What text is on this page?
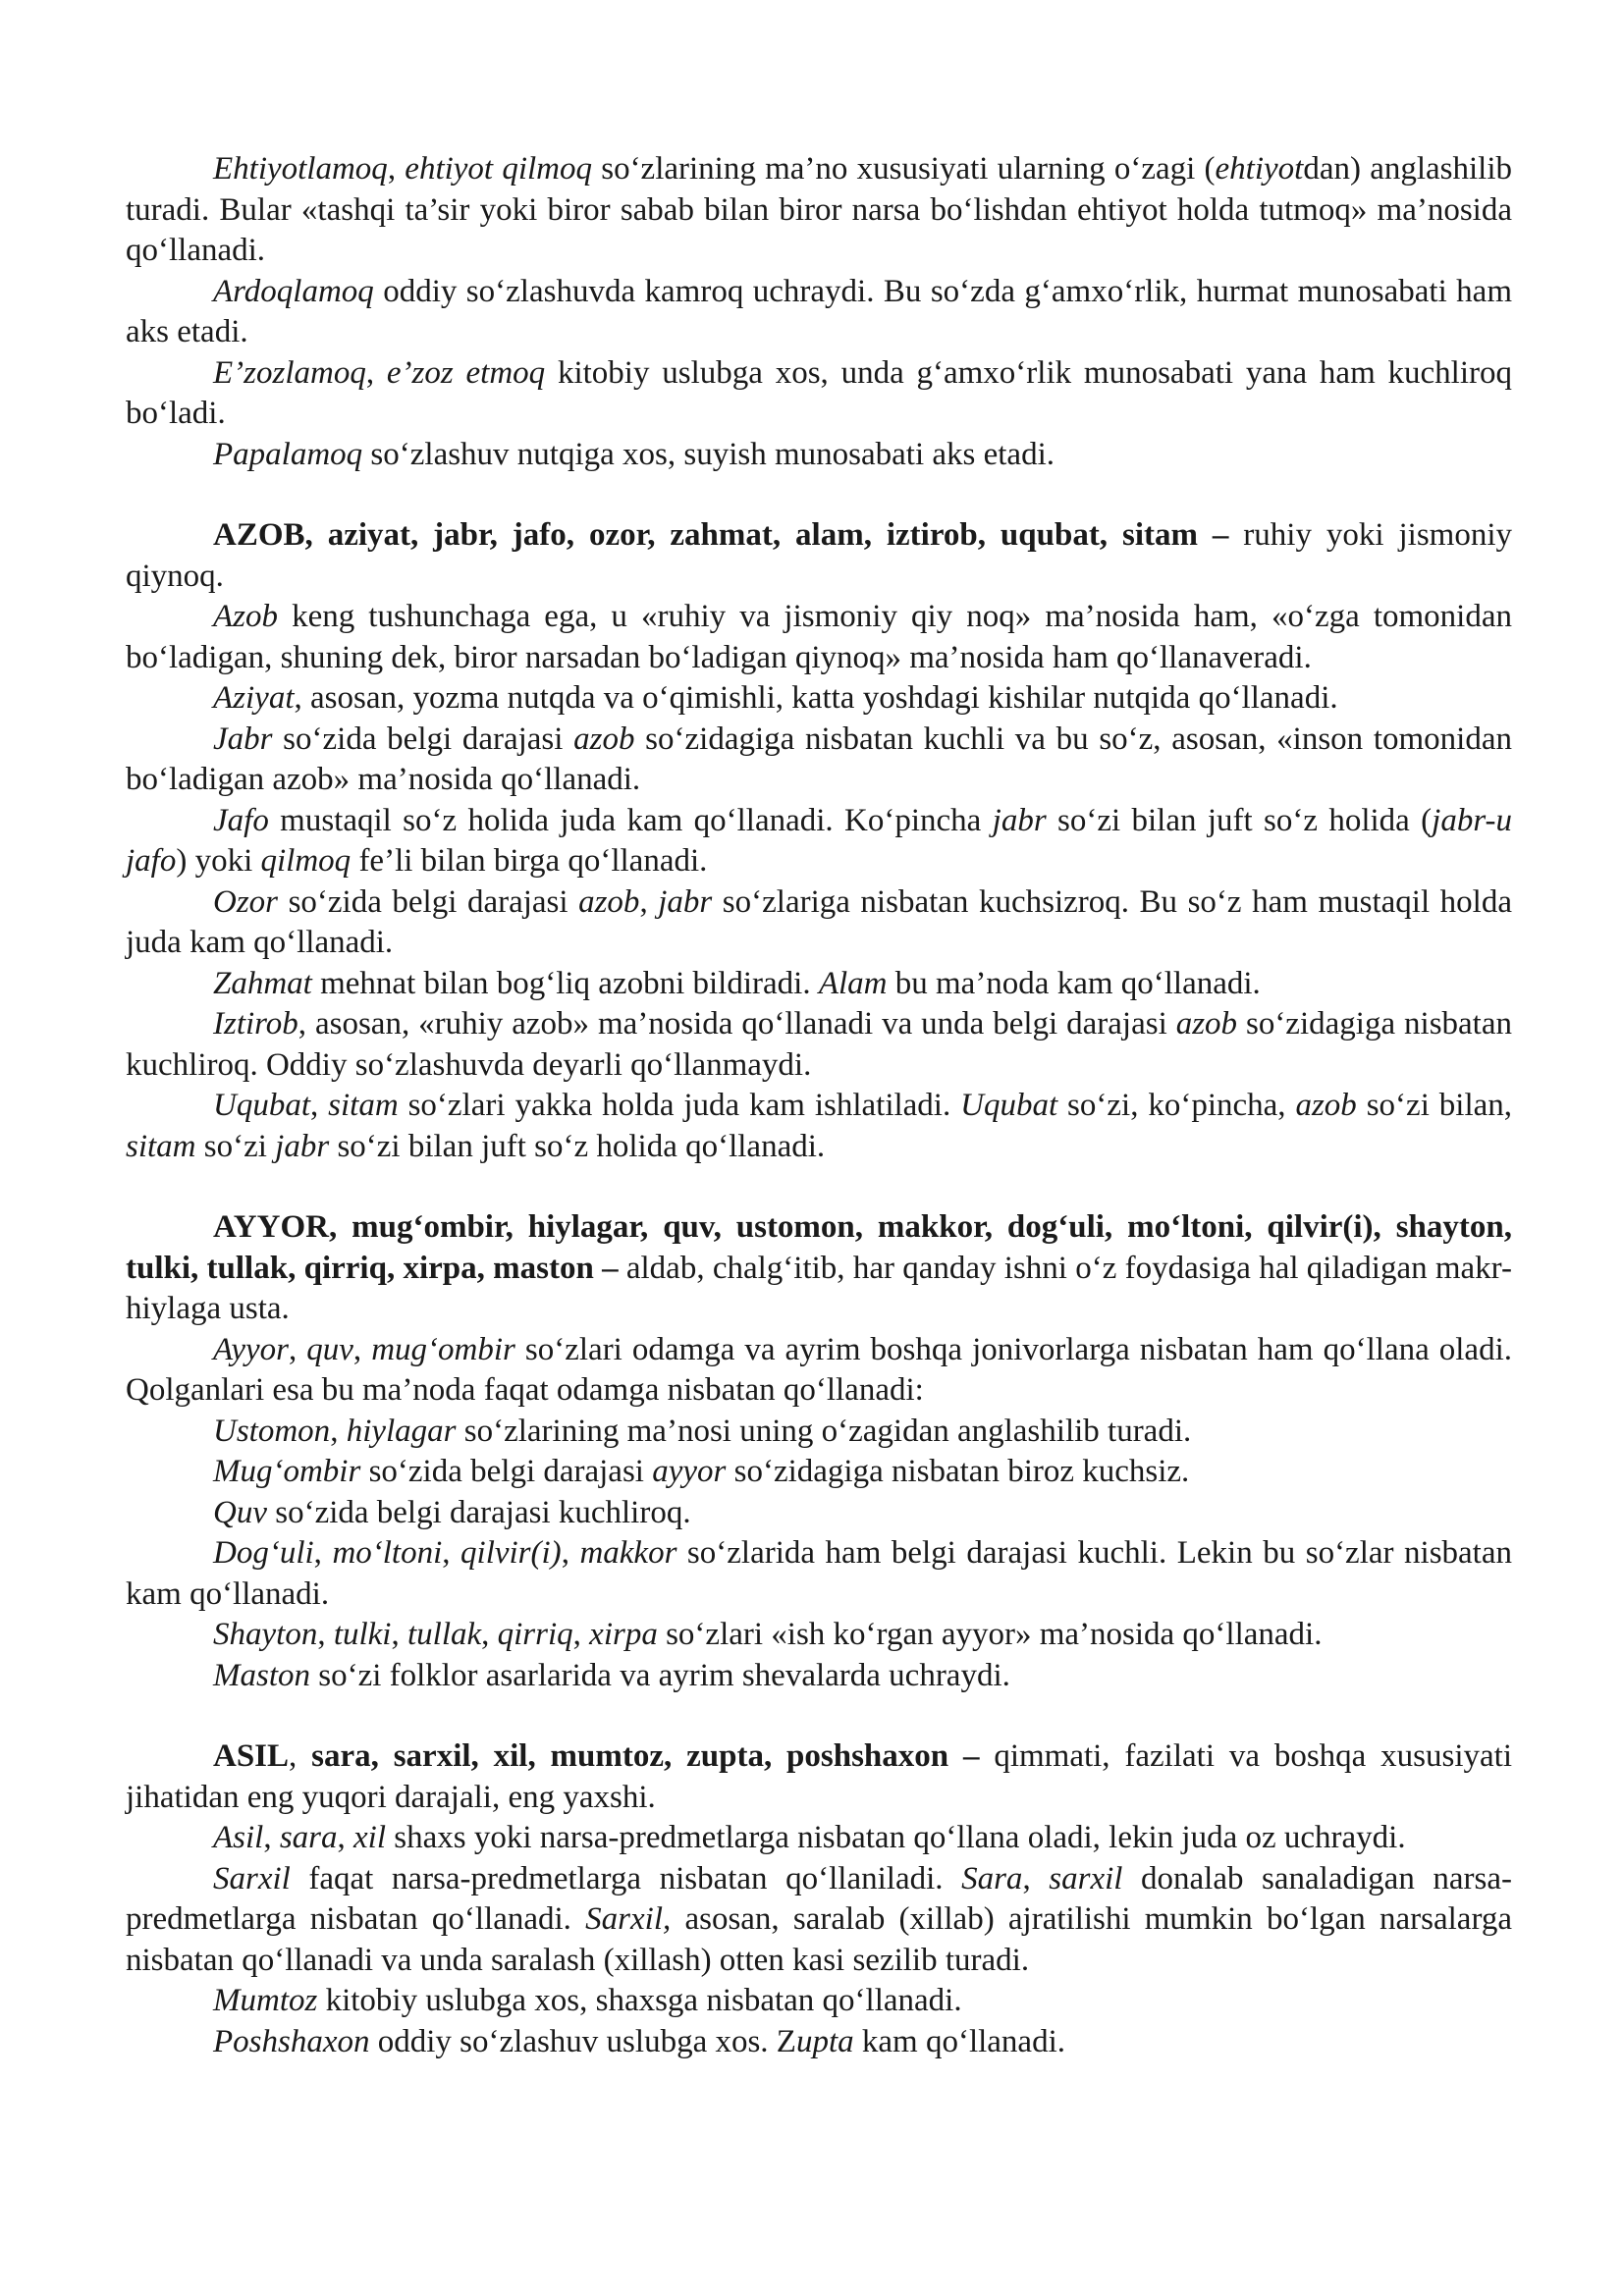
Ehtiyotlamoq, ehtiyot qilmoq so‘zlarining ma’no xususiyati ularning o‘zagi (ehtiyotdan) anglashilib turadi. Bular «tashqi ta’sir yoki biror sabab bilan biror narsa bo‘lishdan ehtiyot holda tutmoq» ma’nosida qo‘llanadi.

Ardoqlamoq oddiy so‘zlashuvda kamroq uchraydi. Bu so‘zda g‘amxo‘rlik, hurmat munosabati ham aks etadi.

E’zozlamoq, e’zoz etmoq kitobiy uslubga xos, unda g‘amxo‘rlik munosabati yana ham kuchliroq bo‘ladi.

Papalamoq so‘zlashuv nutqiga xos, suyish munosabati aks etadi.

AZOB, aziyat, jabr, jafo, ozor, zahmat, alam, iztirob, uqubat, sitam – ruhiy yoki jismoniy qiynoq.

Azob keng tushunchaga ega, u «ruhiy va jismoniy qiy noq» ma’nosida ham, «o‘zga tomonidan bo‘ladigan, shuning dek, biror narsadan bo‘ladigan qiynoq» ma’nosida ham qo‘llanaveradi.

Aziyat, asosan, yozma nutqda va o‘qimishli, katta yoshdagi kishilar nutqida qo‘llanadi.

Jabr so‘zida belgi darajasi azob so‘zidagiga nisbatan kuchli va bu so‘z, asosan, «inson tomonidan bo‘ladigan azob» ma’nosida qo‘llanadi.

Jafo mustaqil so‘z holida juda kam qo‘llanadi. Ko‘pincha jabr so‘zi bilan juft so‘z holida (jabr-u jafo) yoki qilmoq fe’li bilan birga qo‘llanadi.

Ozor so‘zida belgi darajasi azob, jabr so‘zlariga nisbatan kuchsizroq. Bu so‘z ham mustaqil holda juda kam qo‘llanadi.

Zahmat mehnat bilan bog‘liq azobni bildiradi. Alam bu ma’noda kam qo‘llanadi.

Iztirob, asosan, «ruhiy azob» ma’nosida qo‘llanadi va unda belgi darajasi azob so‘zidagiga nisbatan kuchliroq. Oddiy so‘zlashuvda deyarli qo‘llanmaydi.

Uqubat, sitam so‘zlari yakka holda juda kam ishlatiladi. Uqubat so‘zi, ko‘pincha, azob so‘zi bilan, sitam so‘zi jabr so‘zi bilan juft so‘z holida qo‘llanadi.

AYYOR, mug‘ombir, hiylagar, quv, ustomon, makkor, dog‘uli, mo‘ltoni, qilvir(i), shayton, tulki, tullak, qirriq, xirpa, maston – aldab, chalg‘itib, har qanday ishni o‘z foydasiga hal qiladigan makr-hiylaga usta.

Ayyor, quv, mug‘ombir so‘zlari odamga va ayrim boshqa jonivorlarga nisbatan ham qo‘llana oladi. Qolganlari esa bu ma’noda faqat odamga nisbatan qo‘llanadi:

Ustomon, hiylagar so‘zlarining ma’nosi uning o‘zagidan anglashilib turadi.

Mug‘ombir so‘zida belgi darajasi ayyor so‘zidagiga nisbatan biroz kuchsiz.

Quv so‘zida belgi darajasi kuchliroq.

Dog‘uli, mo‘ltoni, qilvir(i), makkor so‘zlarida ham belgi darajasi kuchli. Lekin bu so‘zlar nisbatan kam qo‘llanadi.

Shayton, tulki, tullak, qirriq, xirpa so‘zlari «ish ko‘rgan ayyor» ma’nosida qo‘llanadi.

Maston so‘zi folklor asarlarida va ayrim shevalarda uchraydi.

ASIL, sara, sarxil, xil, mumtoz, zupta, poshshaxon – qimmati, fazilati va boshqa xususiyati jihatidan eng yuqori darajali, eng yaxshi.

Asil, sara, xil shaxs yoki narsa-predmetlarga nisbatan qo‘llana oladi, lekin juda oz uchraydi.

Sarxil faqat narsa-predmetlarga nisbatan qo‘llaniladi. Sara, sarxil donalab sanaladigan narsa-predmetlarga nisbatan qo‘llanadi. Sarxil, asosan, saralab (xillab) ajratilishi mumkin bo‘lgan narsalarga nisbatan qo‘llanadi va unda saralash (xillash) otten kasi sezilib turadi.

Mumtoz kitobiy uslubga xos, shaxsga nisbatan qo‘llanadi.

Poshshaxon oddiy so‘zlashuv uslubga xos. Zupta kam qo‘llanadi.
